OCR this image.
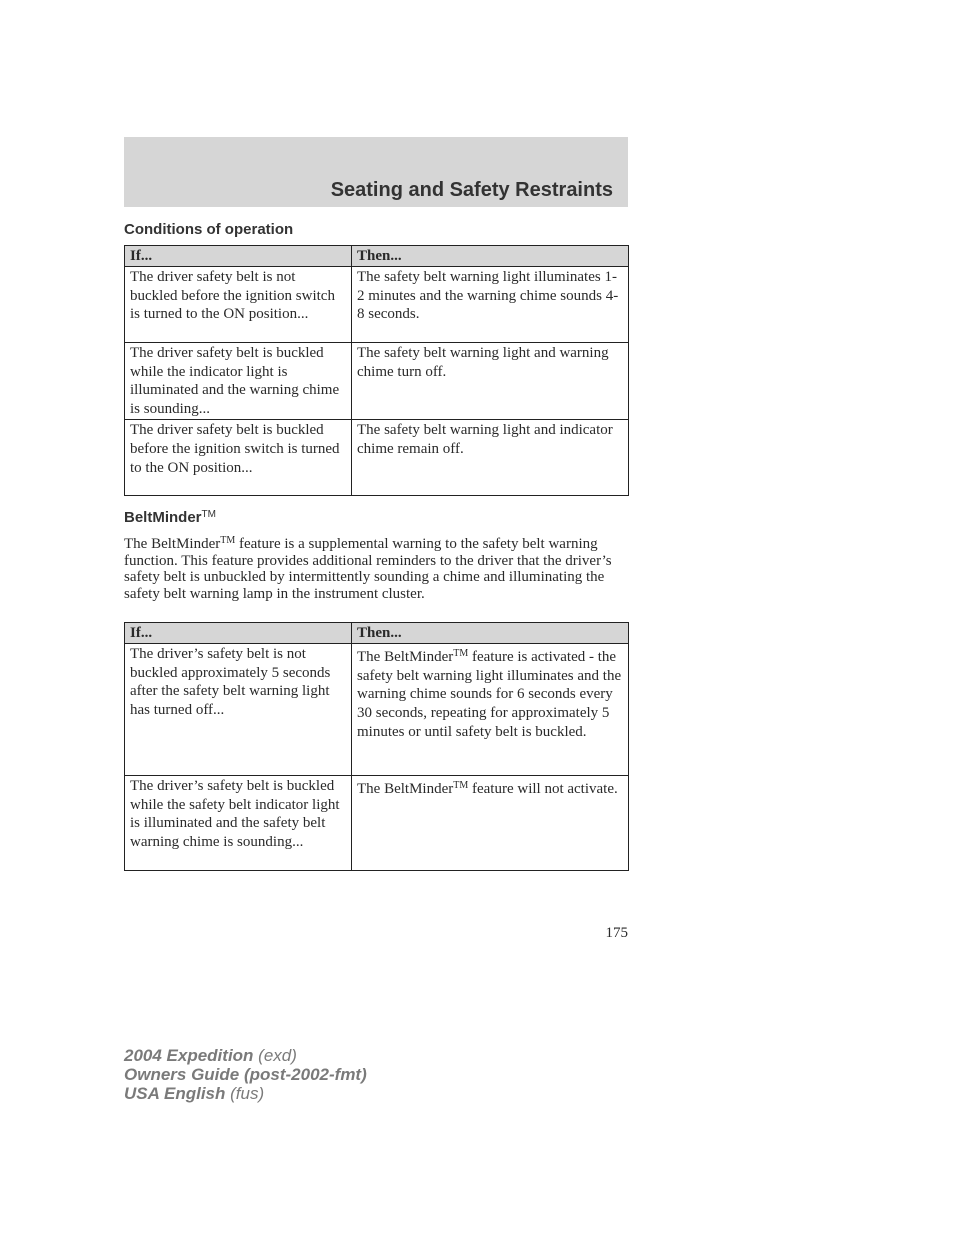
Seating and Safety Restraints
Conditions of operation
If...	Then...
The driver safety belt is not buckled before the ignition switch is turned to the ON position...	The safety belt warning light illuminates 1-2 minutes and the warning chime sounds 4-8 seconds.
The driver safety belt is buckled while the indicator light is illuminated and the warning chime is sounding...	The safety belt warning light and warning chime turn off.
The driver safety belt is buckled before the ignition switch is turned to the ON position...	The safety belt warning light and indicator chime remain off.
BeltMinder™

The BeltMinder™ feature is a supplemental warning to the safety belt warning function. This feature provides additional reminders to the driver that the driver’s safety belt is unbuckled by intermittently sounding a chime and illuminating the safety belt warning lamp in the instrument cluster.

If...	Then...
The driver’s safety belt is not buckled approximately 5 seconds after the safety belt warning light has turned off...	The BeltMinder™ feature is activated - the safety belt warning light illuminates and the warning chime sounds for 6 seconds every 30 seconds, repeating for approximately 5 minutes or until safety belt is buckled.
The driver’s safety belt is buckled while the safety belt indicator light is illuminated and the safety belt warning chime is sounding...	The BeltMinder™ feature will not activate.
175
2004 Expedition (exd)
Owners Guide (post-2002-fmt)
USA English (fus)
